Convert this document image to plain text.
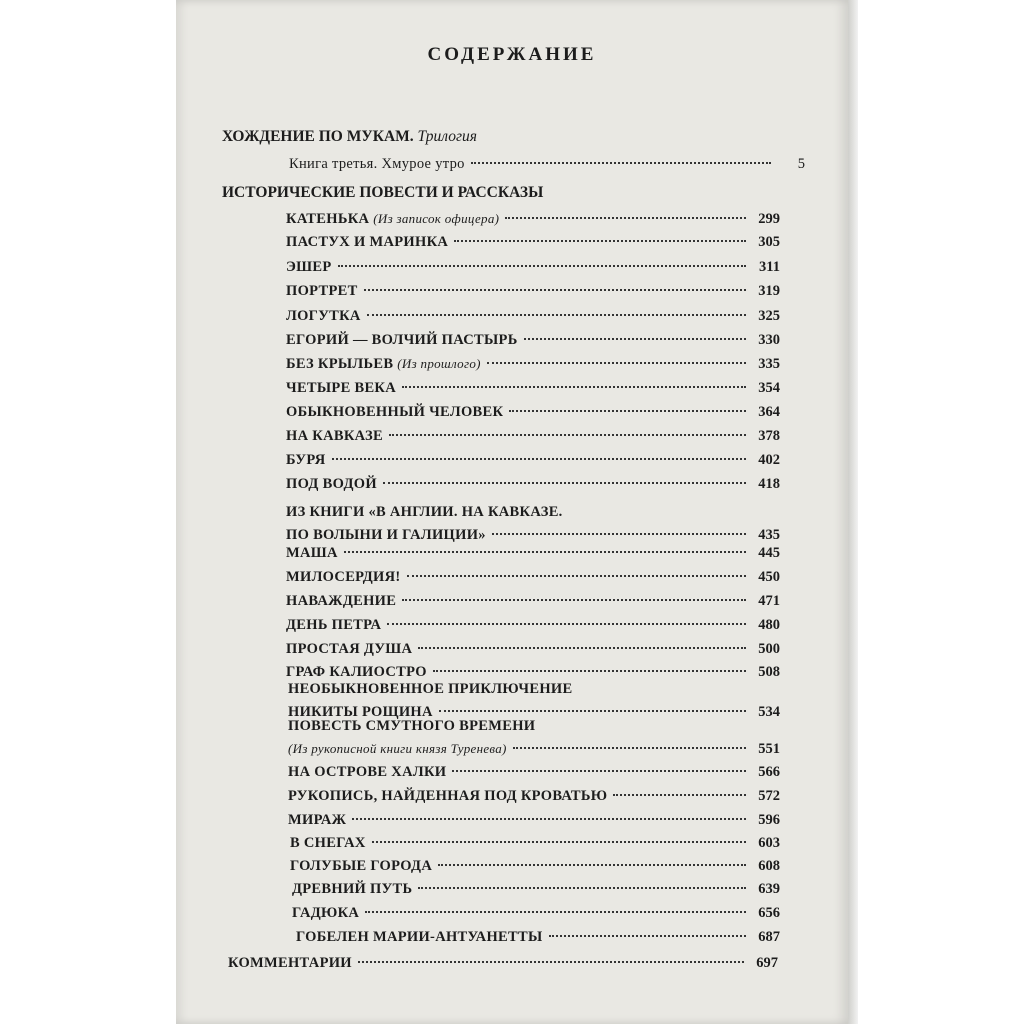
СОДЕРЖАНИЕ
ХОЖДЕНИЕ ПО МУКАМ. Трилогия
Книга третья. Хмурое утро	5
ИСТОРИЧЕСКИЕ ПОВЕСТИ И РАССКАЗЫ
КАТЕНЬКА (Из записок офицера)	299
ПАСТУХ И МАРИНКА	305
ЭШЕР	311
ПОРТРЕТ	319
ЛОГУТКА	325
ЕГОРИЙ — ВОЛЧИЙ ПАСТЫРЬ	330
БЕЗ КРЫЛЬЕВ (Из прошлого)	335
ЧЕТЫРЕ ВЕКА	354
ОБЫКНОВЕННЫЙ ЧЕЛОВЕК	364
НА КАВКАЗЕ	378
БУРЯ	402
ПОД ВОДОЙ	418
ИЗ КНИГИ «В АНГЛИИ. НА КАВКАЗЕ.
ПО ВОЛЫНИ И ГАЛИЦИИ»	435
МАША	445
МИЛОСЕРДИЯ!	450
НАВАЖДЕНИЕ	471
ДЕНЬ ПЕТРА	480
ПРОСТАЯ ДУША	500
ГРАФ КАЛИОСТРО	508
НЕОБЫКНОВЕННОЕ ПРИКЛЮЧЕНИЕ
НИКИТЫ РОЩИНА	534
ПОВЕСТЬ СМУТНОГО ВРЕМЕНИ
(Из рукописной книги князя Туренева)	551
НА ОСТРОВЕ ХАЛКИ	566
РУКОПИСЬ, НАЙДЕННАЯ ПОД КРОВАТЬЮ	572
МИРАЖ	596
В СНЕГАХ	603
ГОЛУБЫЕ ГОРОДА	608
ДРЕВНИЙ ПУТЬ	639
ГАДЮКА	656
ГОБЕЛЕН МАРИИ-АНТУАНЕТТЫ	687
КОММЕНТАРИИ	697
